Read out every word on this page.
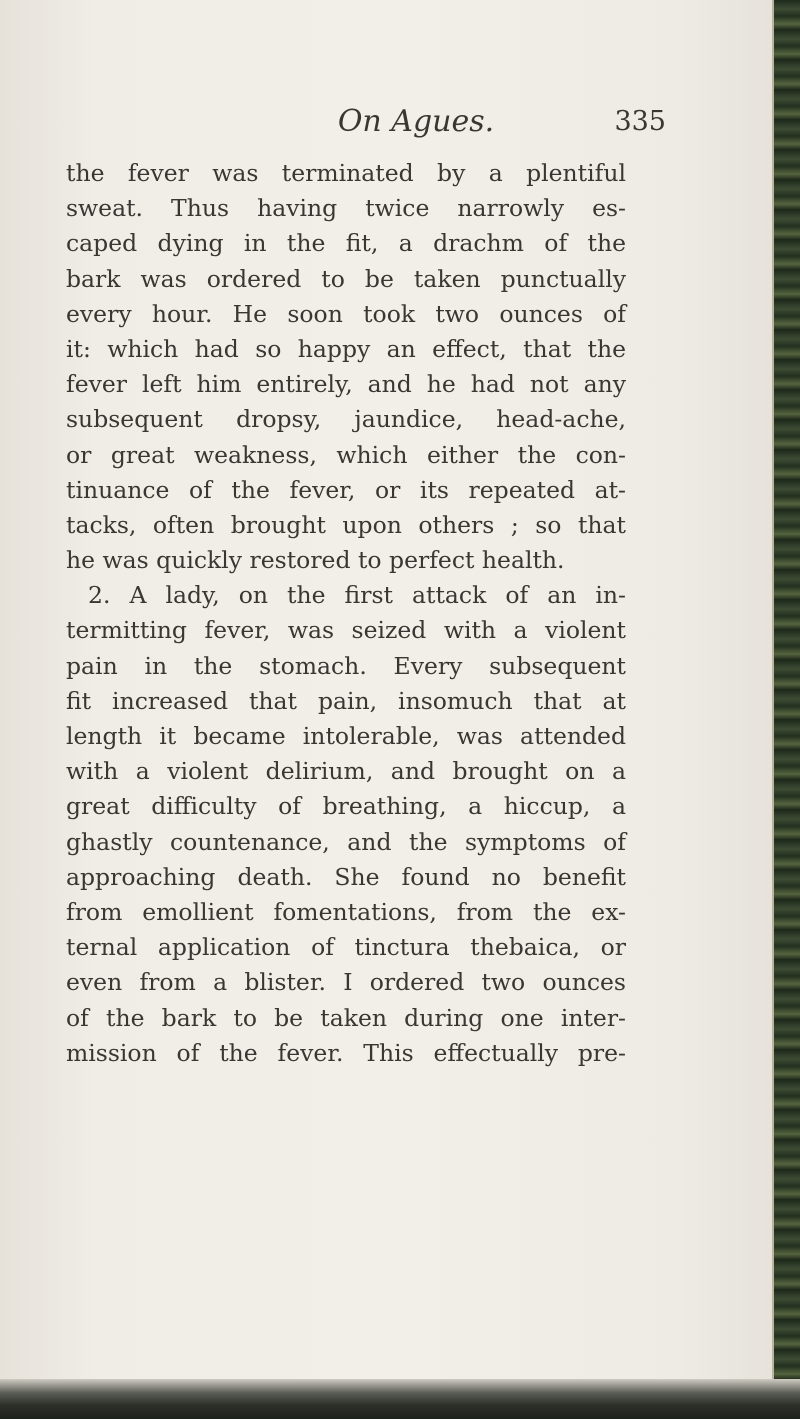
On Agues.	335
the fever was terminated by a plentiful
sweat. Thus having twice narrowly es-
caped dying in the fit, a drachm of the
bark was ordered to be taken punctually
every hour. He soon took two ounces of
it: which had so happy an effect, that the
fever left him entirely, and he had not any
subsequent dropsy, jaundice, head-ache,
or great weakness, which either the con-
tinuance of the fever, or its repeated at-
tacks, often brought upon others ; so that
he was quickly restored to perfect health.
2. A lady, on the first attack of an in-
termitting fever, was seized with a violent
pain in the stomach. Every subsequent
fit increased that pain, insomuch that at
length it became intolerable, was attended
with a violent delirium, and brought on a
great difficulty of breathing, a hiccup, a
ghastly countenance, and the symptoms of
approaching death. She found no benefit
from emollient fomentations, from the ex-
ternal application of tinctura thebaica, or
even from a blister. I ordered two ounces
of the bark to be taken during one inter-
mission of the fever. This effectually pre-
